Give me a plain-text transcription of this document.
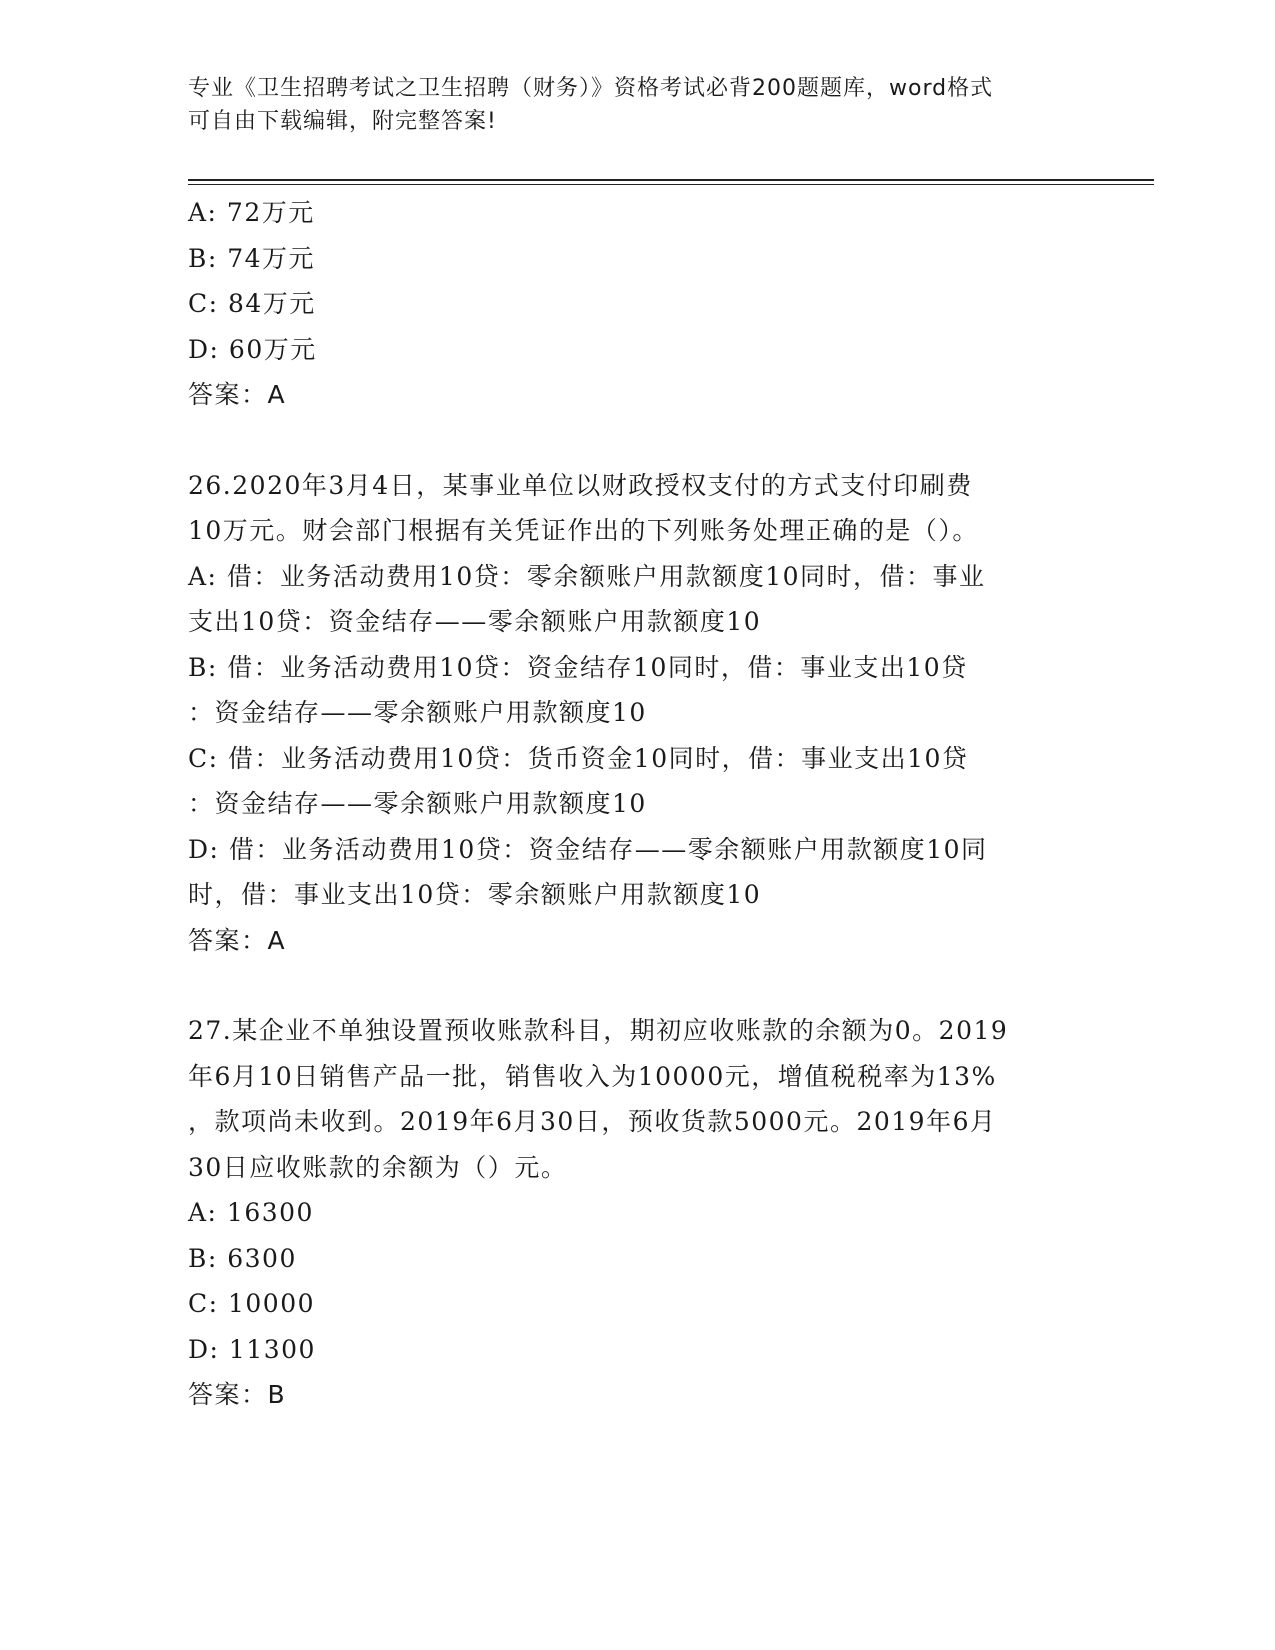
专业《卫生招聘考试之卫生招聘（财务）》资格考试必背200题题库，word格式
可自由下载编辑，附完整答案!
A: 72万元
B: 74万元
C: 84万元
D: 60万元
答案：A
26.2020年3月4日，某事业单位以财政授权支付的方式支付印刷费
10万元。财会部门根据有关凭证作出的下列账务处理正确的是（）。
A: 借：业务活动费用10贷：零余额账户用款额度10同时，借：事业
支出10贷：资金结存——零余额账户用款额度10
B: 借：业务活动费用10贷：资金结存10同时，借：事业支出10贷
：资金结存——零余额账户用款额度10
C: 借：业务活动费用10贷：货币资金10同时，借：事业支出10贷
：资金结存——零余额账户用款额度10
D: 借：业务活动费用10贷：资金结存——零余额账户用款额度10同
时，借：事业支出10贷：零余额账户用款额度10
答案：A
27.某企业不单独设置预收账款科目，期初应收账款的余额为0。2019
年6月10日销售产品一批，销售收入为10000元，增值税税率为13%
，款项尚未收到。2019年6月30日，预收货款5000元。2019年6月
30日应收账款的余额为（）元。
A: 16300
B: 6300
C: 10000
D: 11300
答案：B
